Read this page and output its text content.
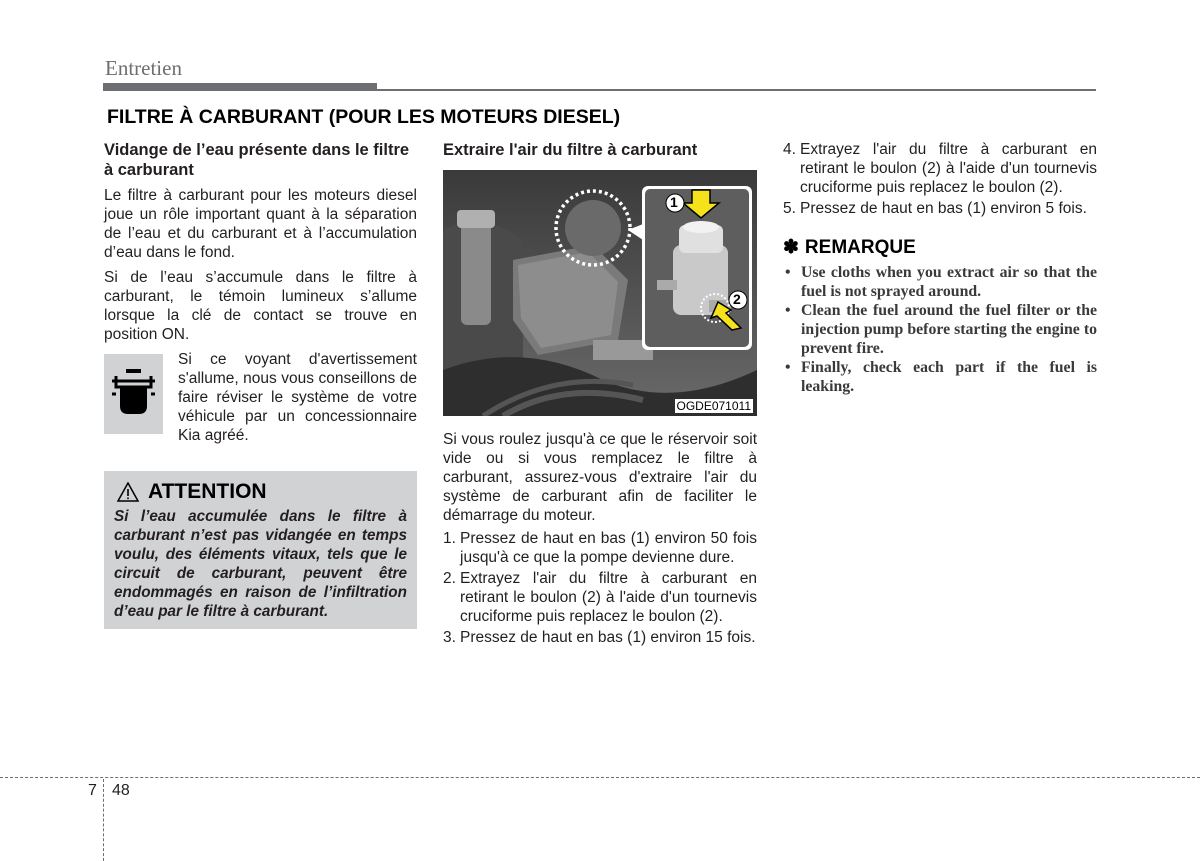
Entretien
FILTRE À CARBURANT (POUR LES MOTEURS DIESEL)
Vidange de l’eau présente dans le filtre à carburant

Le filtre à carburant pour les moteurs diesel joue un rôle important quant à la séparation de l’eau et du carburant et à l’accumulation d’eau dans le fond.

Si de l’eau s’accumule dans le filtre à carburant, le témoin lumineux s’allume lorsque la clé de contact se trouve en position ON.

Si ce voyant d'avertissement s'allume, nous vous conseillons de faire réviser le système de votre véhicule par un concessionnaire Kia agréé.

ATTENTION
Si l’eau accumulée dans le filtre à carburant n’est pas vidangée en temps voulu, des éléments vitaux, tels que le circuit de carburant, peuvent être endommagés en raison de l’infiltration d’eau par le filtre à carburant.
Extraire l'air du filtre à carburant
1
2
OGDE071011

Si vous roulez jusqu'à ce que le réservoir soit vide ou si vous remplacez le filtre à carburant, assurez-vous d'extraire l'air du système de carburant afin de faciliter le démarrage du moteur.

1. Pressez de haut en bas (1) environ 50 fois jusqu'à ce que la pompe devienne dure.
2. Extrayez l'air du filtre à carburant en retirant le boulon (2) à l'aide d'un tournevis cruciforme puis replacez le boulon (2).
3. Pressez de haut en bas (1) environ 15 fois.
4. Extrayez l'air du filtre à carburant en retirant le boulon (2) à l'aide d'un tournevis cruciforme puis replacez le boulon (2).
5. Pressez de haut en bas (1) environ 5 fois.
✽ REMARQUE
• Use cloths when you extract air so that the fuel is not sprayed around.
• Clean the fuel around the fuel filter or the injection pump before starting the engine to prevent fire.
• Finally, check each part if the fuel is leaking.
7 48
